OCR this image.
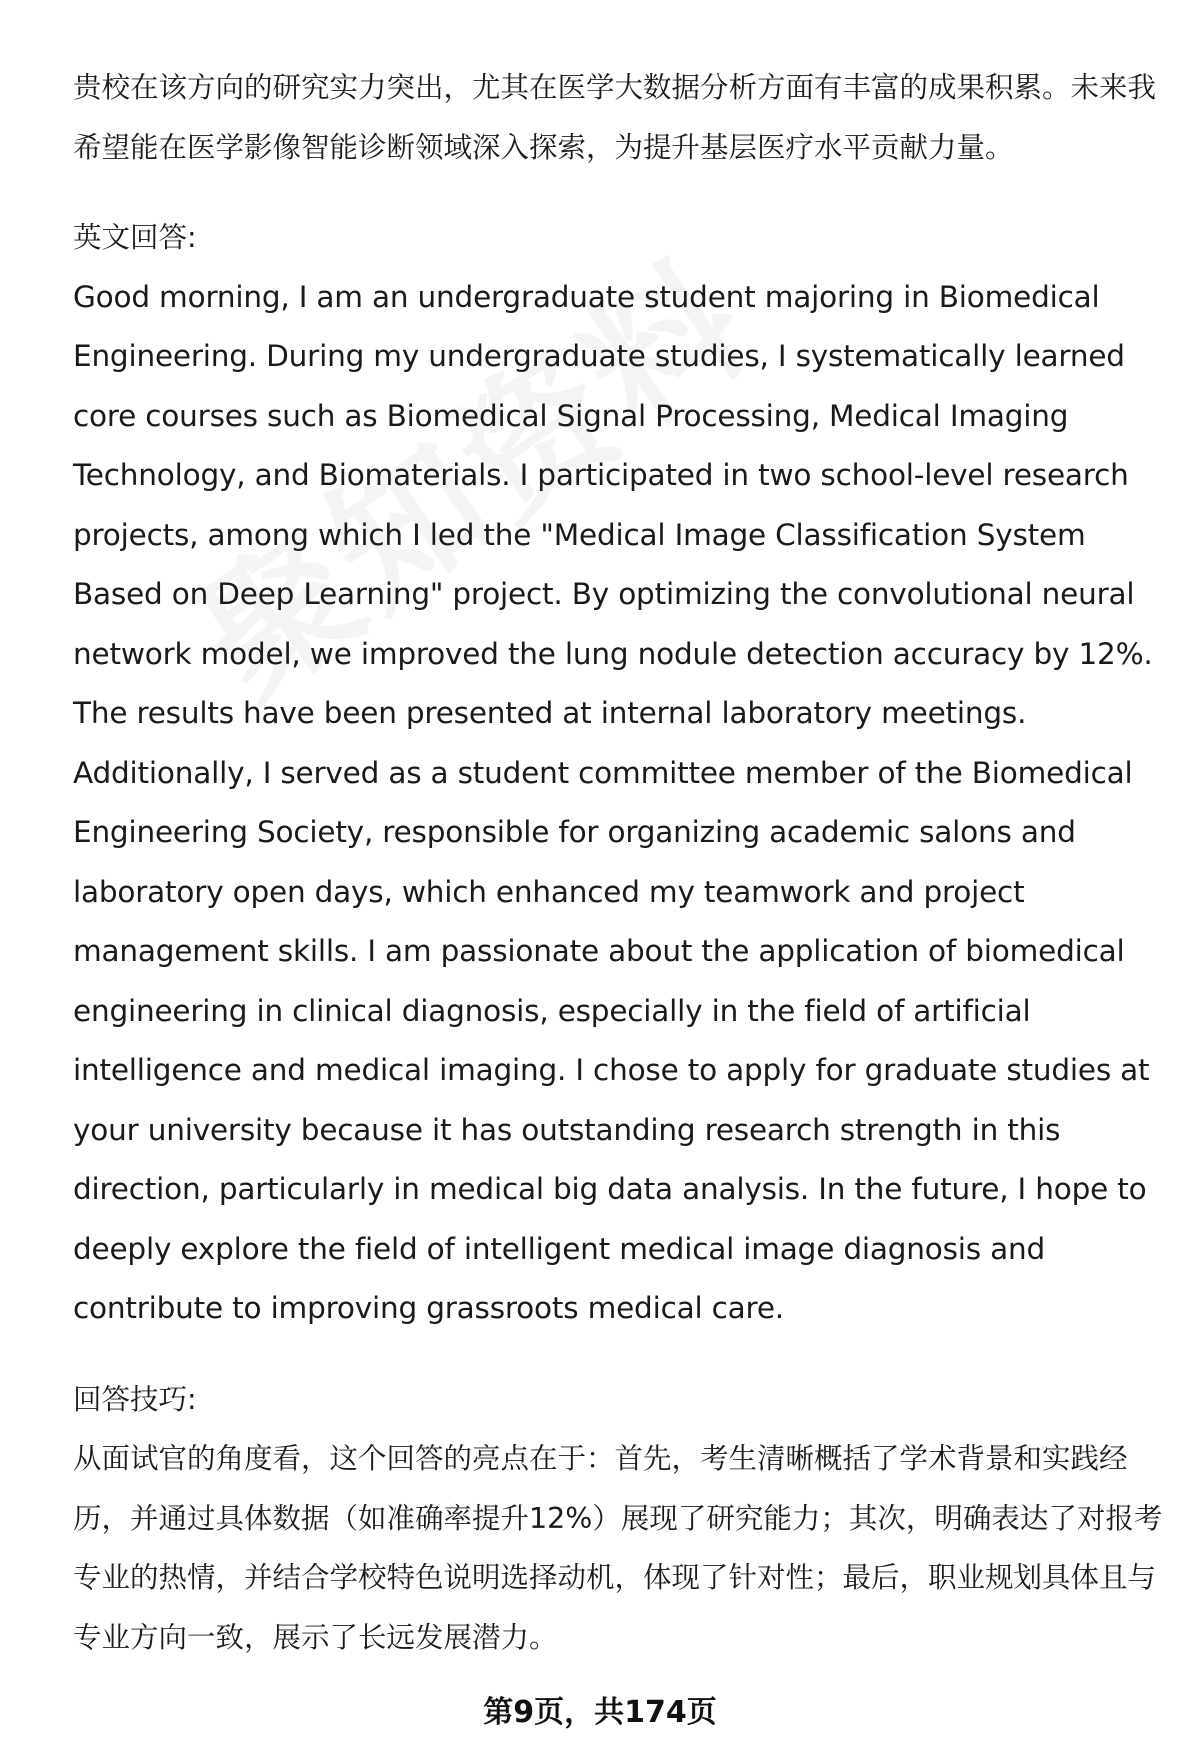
贵校在该方向的研究实力突出，尤其在医学大数据分析方面有丰富的成果积累。未来我希望能在医学影像智能诊断领域深入探索，为提升基层医疗水平贡献力量。

英文回答:

Good morning, I am an undergraduate student majoring in Biomedical Engineering. During my undergraduate studies, I systematically learned core courses such as Biomedical Signal Processing, Medical Imaging Technology, and Biomaterials. I participated in two school-level research projects, among which I led the "Medical Image Classification System Based on Deep Learning" project. By optimizing the convolutional neural network model, we improved the lung nodule detection accuracy by 12%. The results have been presented at internal laboratory meetings. Additionally, I served as a student committee member of the Biomedical Engineering Society, responsible for organizing academic salons and laboratory open days, which enhanced my teamwork and project management skills. I am passionate about the application of biomedical engineering in clinical diagnosis, especially in the field of artificial intelligence and medical imaging. I chose to apply for graduate studies at your university because it has outstanding research strength in this direction, particularly in medical big data analysis. In the future, I hope to deeply explore the field of intelligent medical image diagnosis and contribute to improving grassroots medical care.

回答技巧:

从面试官的角度看，这个回答的亮点在于：首先，考生清晰概括了学术背景和实践经历，并通过具体数据（如准确率提升12%）展现了研究能力；其次，明确表达了对报考专业的热情，并结合学校特色说明选择动机，体现了针对性；最后，职业规划具体且与专业方向一致，展示了长远发展潜力。

第9页，共174页
